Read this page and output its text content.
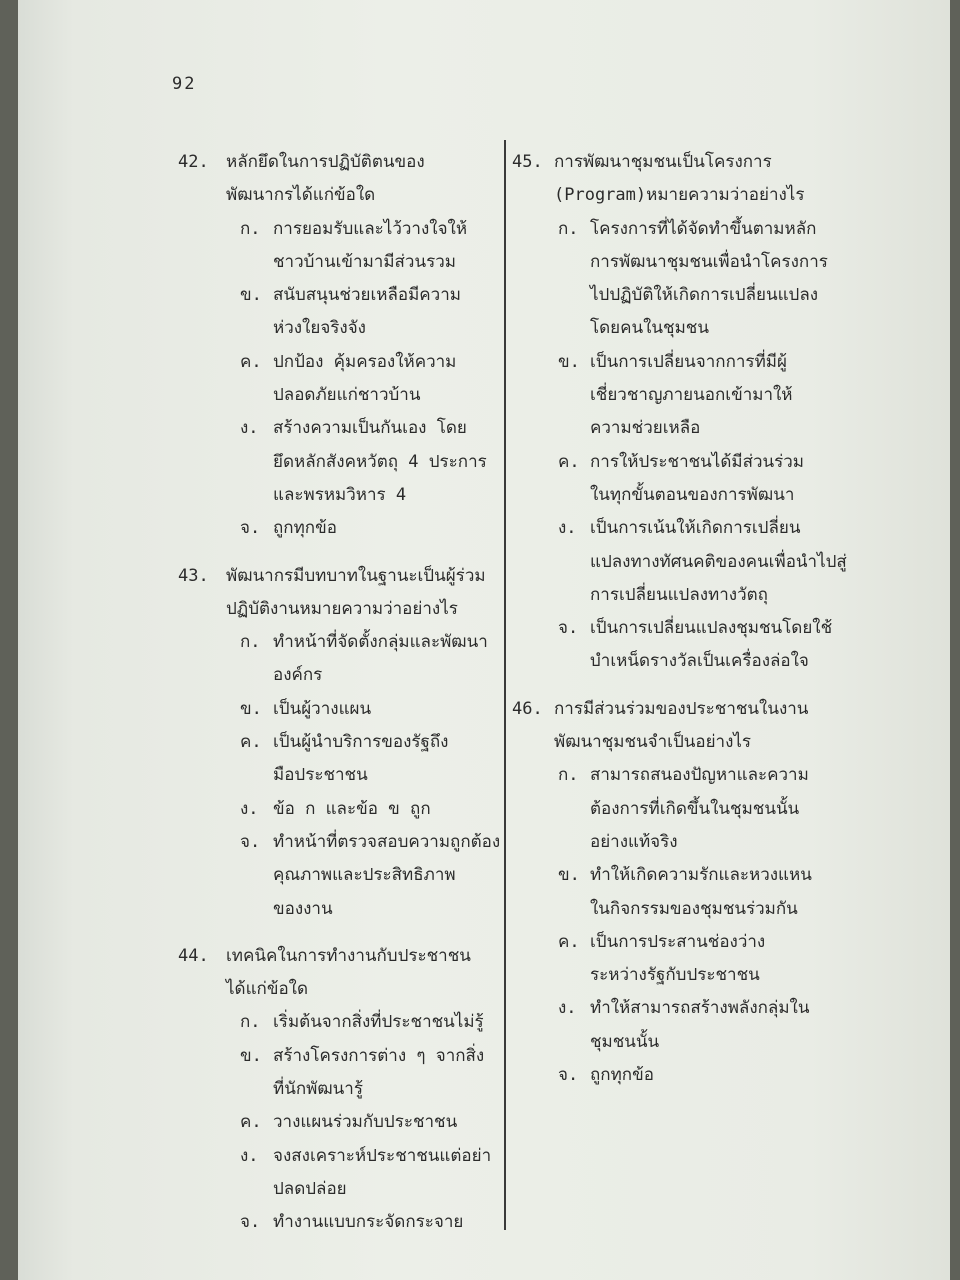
92
42. หลักยึดในการปฏิบัติตนของ
พัฒนากรได้แก่ข้อใด
ก. การยอมรับและไว้วางใจให้
ชาวบ้านเข้ามามีส่วนรวม
ข. สนับสนุนช่วยเหลือมีความ
ห่วงใยจริงจัง
ค. ปกป้อง คุ้มครองให้ความ
ปลอดภัยแก่ชาวบ้าน
ง. สร้างความเป็นกันเอง โดย
ยึดหลักสังคหวัตถุ 4 ประการ
และพรหมวิหาร 4
จ. ถูกทุกข้อ
43. พัฒนากรมีบทบาทในฐานะเป็นผู้ร่วม
ปฏิบัติงานหมายความว่าอย่างไร
ก. ทำหน้าที่จัดตั้งกลุ่มและพัฒนา
องค์กร
ข. เป็นผู้วางแผน
ค. เป็นผู้นำบริการของรัฐถึง
มือประชาชน
ง. ข้อ ก และข้อ ข ถูก
จ. ทำหน้าที่ตรวจสอบความถูกต้อง
คุณภาพและประสิทธิภาพ
ของงาน
44. เทคนิคในการทำงานกับประชาชน
ได้แก่ข้อใด
ก. เริ่มต้นจากสิ่งที่ประชาชนไม่รู้
ข. สร้างโครงการต่าง ๆ จากสิ่ง
ที่นักพัฒนารู้
ค. วางแผนร่วมกับประชาชน
ง. จงสงเคราะห์ประชาชนแต่อย่า
ปลดปล่อย
จ. ทำงานแบบกระจัดกระจาย
45. การพัฒนาชุมชนเป็นโครงการ
(Program)หมายความว่าอย่างไร
ก. โครงการที่ได้จัดทำขึ้นตามหลัก
การพัฒนาชุมชนเพื่อนำโครงการ
ไปปฏิบัติให้เกิดการเปลี่ยนแปลง
โดยคนในชุมชน
ข. เป็นการเปลี่ยนจากการที่มีผู้
เชี่ยวชาญภายนอกเข้ามาให้
ความช่วยเหลือ
ค. การให้ประชาชนได้มีส่วนร่วม
ในทุกขั้นตอนของการพัฒนา
ง. เป็นการเน้นให้เกิดการเปลี่ยน
แปลงทางทัศนคติของคนเพื่อนำไปสู่
การเปลี่ยนแปลงทางวัตถุ
จ. เป็นการเปลี่ยนแปลงชุมชนโดยใช้
บำเหน็ดรางวัลเป็นเครื่องล่อใจ
46. การมีส่วนร่วมของประชาชนในงาน
พัฒนาชุมชนจำเป็นอย่างไร
ก. สามารถสนองปัญหาและความ
ต้องการที่เกิดขึ้นในชุมชนนั้น
อย่างแท้จริง
ข. ทำให้เกิดความรักและหวงแหน
ในกิจกรรมของชุมชนร่วมกัน
ค. เป็นการประสานช่องว่าง
ระหว่างรัฐกับประชาชน
ง. ทำให้สามารถสร้างพลังกลุ่มใน
ชุมชนนั้น
จ. ถูกทุกข้อ
